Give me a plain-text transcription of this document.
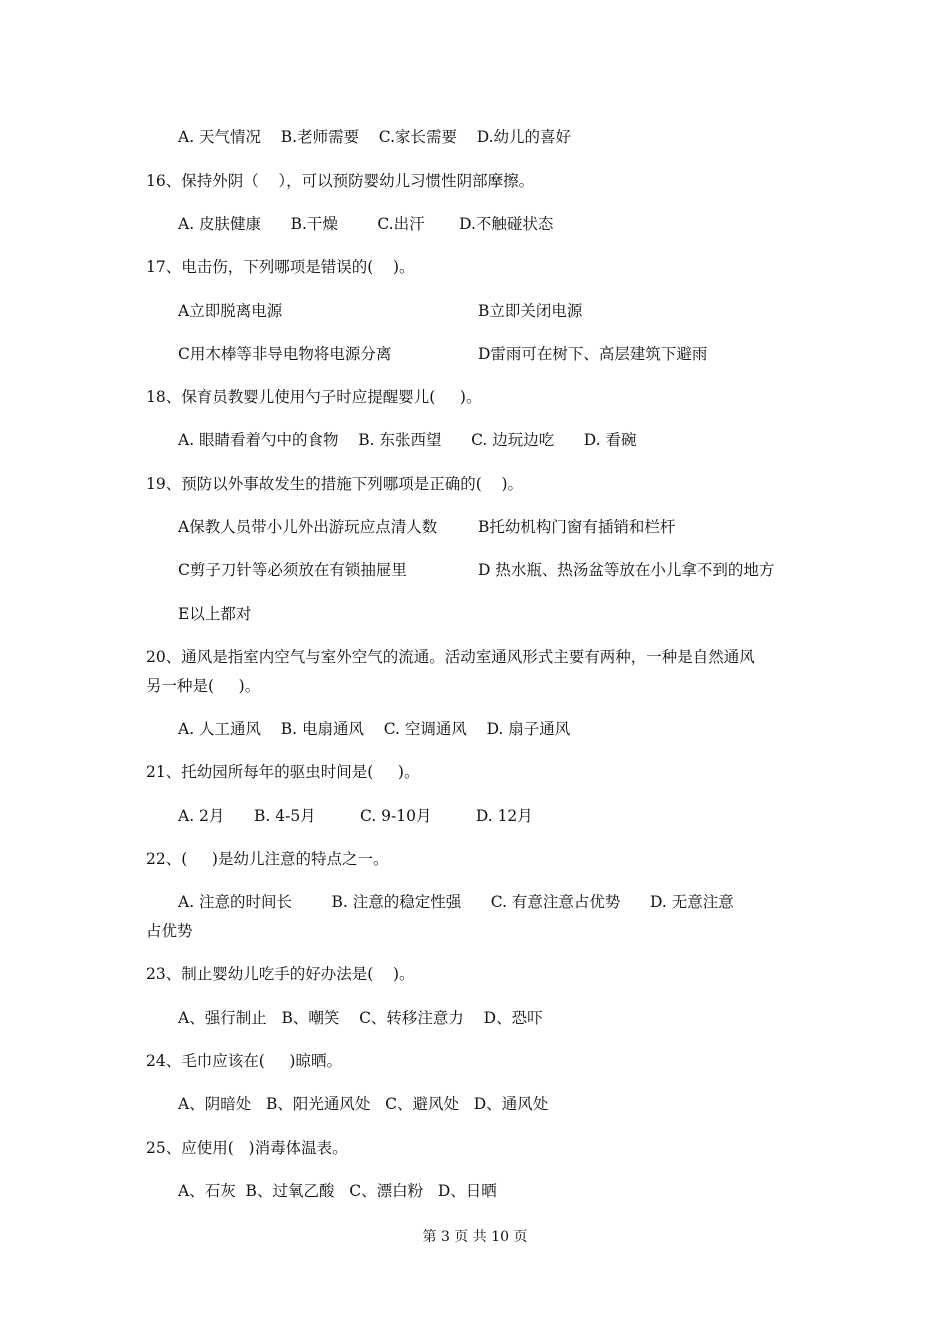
A. 天气情况    B.老师需要    C.家长需要    D.幼儿的喜好
16、保持外阴（    ），可以预防婴幼儿习惯性阴部摩擦。
A. 皮肤健康      B.干燥        C.出汗       D.不触碰状态
17、电击伤，下列哪项是错误的(    )。
A立即脱离电源	B立即关闭电源
C用木棒等非导电物将电源分离	D雷雨可在树下、高层建筑下避雨
18、保育员教婴儿使用勺子时应提醒婴儿(     )。
A. 眼睛看着勺中的食物    B. 东张西望      C. 边玩边吃      D. 看碗
19、预防以外事故发生的措施下列哪项是正确的(    )。
A保教人员带小儿外出游玩应点清人数	B托幼机构门窗有插销和栏杆
C剪子刀针等必须放在有锁抽屉里	D 热水瓶、热汤盆等放在小儿拿不到的地方
E以上都对
20、通风是指室内空气与室外空气的流通。活动室通风形式主要有两种，一种是自然通风
另一种是(     )。
A. 人工通风    B. 电扇通风    C. 空调通风    D. 扇子通风
21、托幼园所每年的驱虫时间是(     )。
A. 2月      B. 4-5月         C. 9-10月         D. 12月
22、(     )是幼儿注意的特点之一。
A. 注意的时间长        B. 注意的稳定性强      C. 有意注意占优势      D. 无意注意
占优势
23、制止婴幼儿吃手的好办法是(    )。
A、强行制止   B、嘲笑    C、转移注意力    D、恐吓
24、毛巾应该在(     )晾晒。
A、阴暗处   B、阳光通风处   C、避风处   D、通风处
25、应使用(   )消毒体温表。
A、石灰  B、过氧乙酸   C、漂白粉   D、日晒
第 3 页 共 10 页
